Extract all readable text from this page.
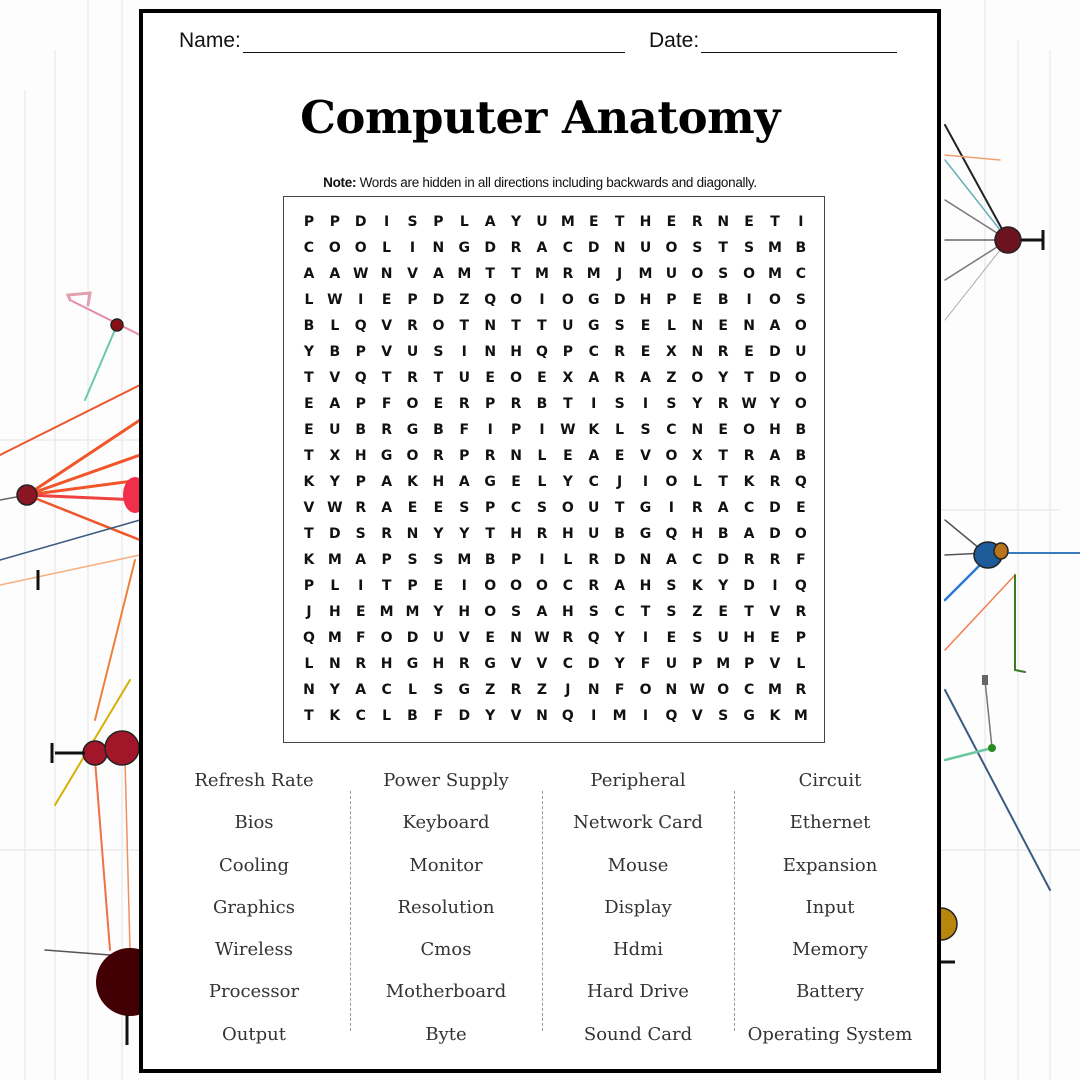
Name:	Date:
Computer Anatomy
Note: Words are hidden in all directions including backwards and diagonally.
P	P	D	I	S	P	L	A	Y	U M	E	T	H	E	R	N	E	T	I
C	O O	L	I	N	G	D	R	A	C	D	N	U	O	S	T	S M B
A	A W N	V	A M	T	T	M R M	J	M U	O	S	O M C
L W	I	E	P	D	Z	Q O	I	O	G	D	H	P	E	B	I	O	S
B	L	Q	V	R	O	T	N	T	T	U	G	S	E	L	N	E	N	A	O
Y	B	P	V	U	S	I	N	H	Q	P	C	R	E	X	N	R	E	D	U
T	V	Q	T	R	T	U	E	O	E	X	A	R	A	Z	O	Y	T	D	O
E	A	P	F	O	E	R	P	R	B	T	I	S	I	S	Y	R W Y	O
E	U	B	R	G	B	F	I	P	I	W K	L	S	C	N	E	O	H	B
T	X	H	G	O	R	P	R	N	L	E	A	E	V	O	X	T	R	A	B
K	Y	P	A	K	H	A	G	E	L	Y	C	J	I	O	L	T	K	R	Q
V W R	A	E	E	S	P	C	S	O	U	T	G	I	R	A	C	D	E
T	D	S	R	N	Y	Y	T	H	R	H	U	B	G	Q	H	B	A	D	O
K M A	P	S	S M B	P	I	L	R	D	N	A	C	D	R	R	F
P	L	I	T	P	E	I	O O O	C	R	A	H	S	K	Y	D	I	Q
J	H	E	M M Y	H	O	S	A	H	S	C	T	S	Z	E	T	V	R
Q M	F	O	D	U	V	E	N W R	Q	Y	I	E	S	U	H	E	P
L	N	R	H	G	H	R	G	V	V	C	D	Y	F	U	P M P	V	L
N	Y	A	C	L	S	G	Z	R	Z	J	N	F	O	N W O	C M R
T	K	C	L	B	F	D	Y	V	N	Q	I	M	I	Q	V	S	G	K M
Refresh Rate
Bios
Cooling
Graphics
Wireless
Processor
Output
Power Supply
Keyboard
Monitor
Resolution
Cmos
Motherboard
Byte
Peripheral
Network Card
Mouse
Display
Hdmi
Hard Drive
Sound Card
Circuit
Ethernet
Expansion
Input
Memory
Battery
Operating System
